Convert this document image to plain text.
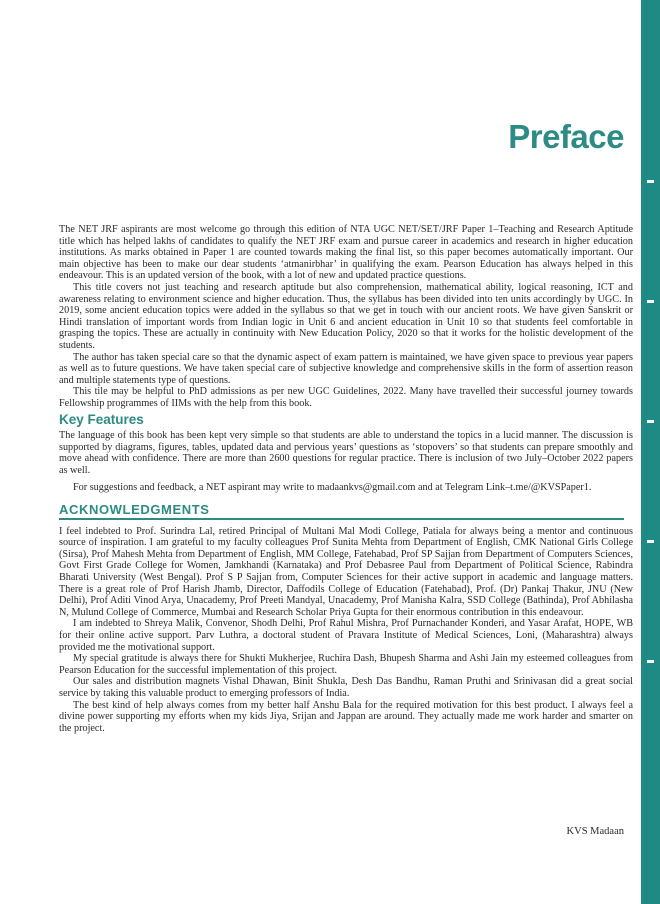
Preface

The NET JRF aspirants are most welcome go through this edition of NTA UGC NET/SET/JRF Paper 1–Teaching and Research Aptitude title which has helped lakhs of candidates to qualify the NET JRF exam and pursue career in academics and research in higher education institutions. As marks obtained in Paper 1 are counted towards making the final list, so this paper becomes automatically important. Our main objective has been to make our dear students ‘atmanirbhar’ in qualifying the exam. Pearson Education has always helped in this endeavour. This is an updated version of the book, with a lot of new and updated practice questions.

This title covers not just teaching and research aptitude but also comprehension, mathematical ability, logical reasoning, ICT and awareness relating to environment science and higher education. Thus, the syllabus has been divided into ten units accordingly by UGC. In 2019, some ancient education topics were added in the syllabus so that we get in touch with our ancient roots. We have given Sanskrit or Hindi translation of important words from Indian logic in Unit 6 and ancient education in Unit 10 so that students feel comfortable in grasping the topics. These are actually in continuity with New Education Policy, 2020 so that it works for the holistic development of the students.

The author has taken special care so that the dynamic aspect of exam pattern is maintained, we have given space to previous year papers as well as to future questions. We have taken special care of subjective knowledge and comprehensive skills in the form of assertion reason and multiple statements type of questions.

This tile may be helpful to PhD admissions as per new UGC Guidelines, 2022. Many have travelled their successful journey towards Fellowship programmes of IIMs with the help from this book.

Key Features

The language of this book has been kept very simple so that students are able to understand the topics in a lucid manner. The discussion is supported by diagrams, figures, tables, updated data and pervious years’ questions as ‘stopovers’ so that students can prepare smoothly and move ahead with confidence. There are more than 2600 questions for regular practice. There is inclusion of two July–October 2022 papers as well.

For suggestions and feedback, a NET aspirant may write to madaankvs@gmail.com and at Telegram Link–t.me/@KVSPaper1.

ACKNOWLEDGMENTS

I feel indebted to Prof. Surindra Lal, retired Principal of Multani Mal Modi College, Patiala for always being a mentor and continuous source of inspiration. I am grateful to my faculty colleagues Prof Sunita Mehta from Department of English, CMK National Girls College (Sirsa), Prof Mahesh Mehta from Department of English, MM College, Fatehabad, Prof SP Sajjan from Department of Computers Sciences, Govt First Grade College for Women, Jamkhandi (Karnataka) and Prof Debasree Paul from Department of Political Science, Rabindra Bharati University (West Bengal). Prof S P Sajjan from, Computer Sciences for their active support in academic and language matters. There is a great role of Prof Harish Jhamb, Director, Daffodils College of Education (Fatehabad), Prof. (Dr) Pankaj Thakur, JNU (New Delhi), Prof Aditi Vinod Arya, Unacademy, Prof Preeti Mandyal, Unacademy, Prof Manisha Kalra, SSD College (Bathinda), Prof Abhilasha N, Mulund College of Commerce, Mumbai and Research Scholar Priya Gupta for their enormous contribution in this endeavour.

I am indebted to Shreya Malik, Convenor, Shodh Delhi, Prof Rahul Mishra, Prof Purnachander Konderi, and Yasar Arafat, HOPE, WB for their online active support. Parv Luthra, a doctoral student of Pravara Institute of Medical Sciences, Loni, (Maharashtra) always provided me the motivational support.

My special gratitude is always there for Shukti Mukherjee, Ruchira Dash, Bhupesh Sharma and Ashi Jain my esteemed colleagues from Pearson Education for the successful implementation of this project.

Our sales and distribution magnets Vishal Dhawan, Binit Shukla, Desh Das Bandhu, Raman Pruthi and Srinivasan did a great social service by taking this valuable product to emerging professors of India.

The best kind of help always comes from my better half Anshu Bala for the required motivation for this best product. I always feel a divine power supporting my efforts when my kids Jiya, Srijan and Jappan are around. They actually made me work harder and smarter on the project.

KVS Madaan
